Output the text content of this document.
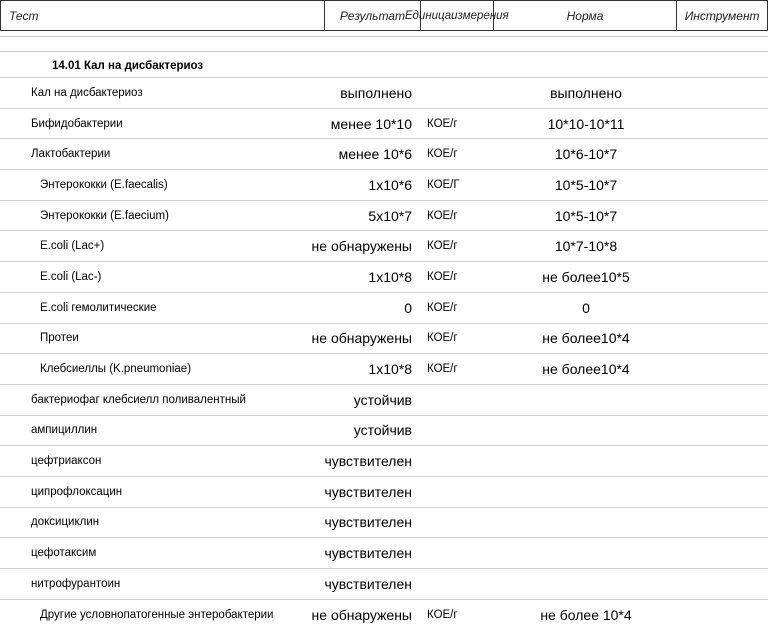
Тест	Результат Единица измерения	Норма	Инструмент
14.01 Кал на дисбактериоз
Кал на дисбактериоз	выполнено	выполнено
Бифидобактерии	менее 10*10 КОЕ/г	10*10-10*11
Лактобактерии	менее 10*6 КОЕ/г	10*6-10*7
Энтерококки (E.faecalis)	1x10*6 КОЕ/Г	10*5-10*7
Энтерококки (E.faecium)	5x10*7 КОЕ/г	10*5-10*7
E.coli (Lac+)	не обнаружены КОЕ/г	10*7-10*8
E.coli (Lac-)	1x10*8 КОЕ/г	не более10*5
E.coli гемолитические	0 КОЕ/г	0
Протеи	не обнаружены КОЕ/г	не более10*4
Клебсиеллы (K.pneumoniae)	1x10*8 КОЕ/г	не более10*4
бактериофаг клебсиелл поливалентный	устойчив
ампициллин	устойчив
цефтриаксон	чувствителен
ципрофлоксацин	чувствителен
доксициклин	чувствителен
цефотаксим	чувствителен
нитрофурантоин	чувствителен
Другие условнопатогенные энтеробактерии	не обнаружены КОЕ/г	не более 10*4
